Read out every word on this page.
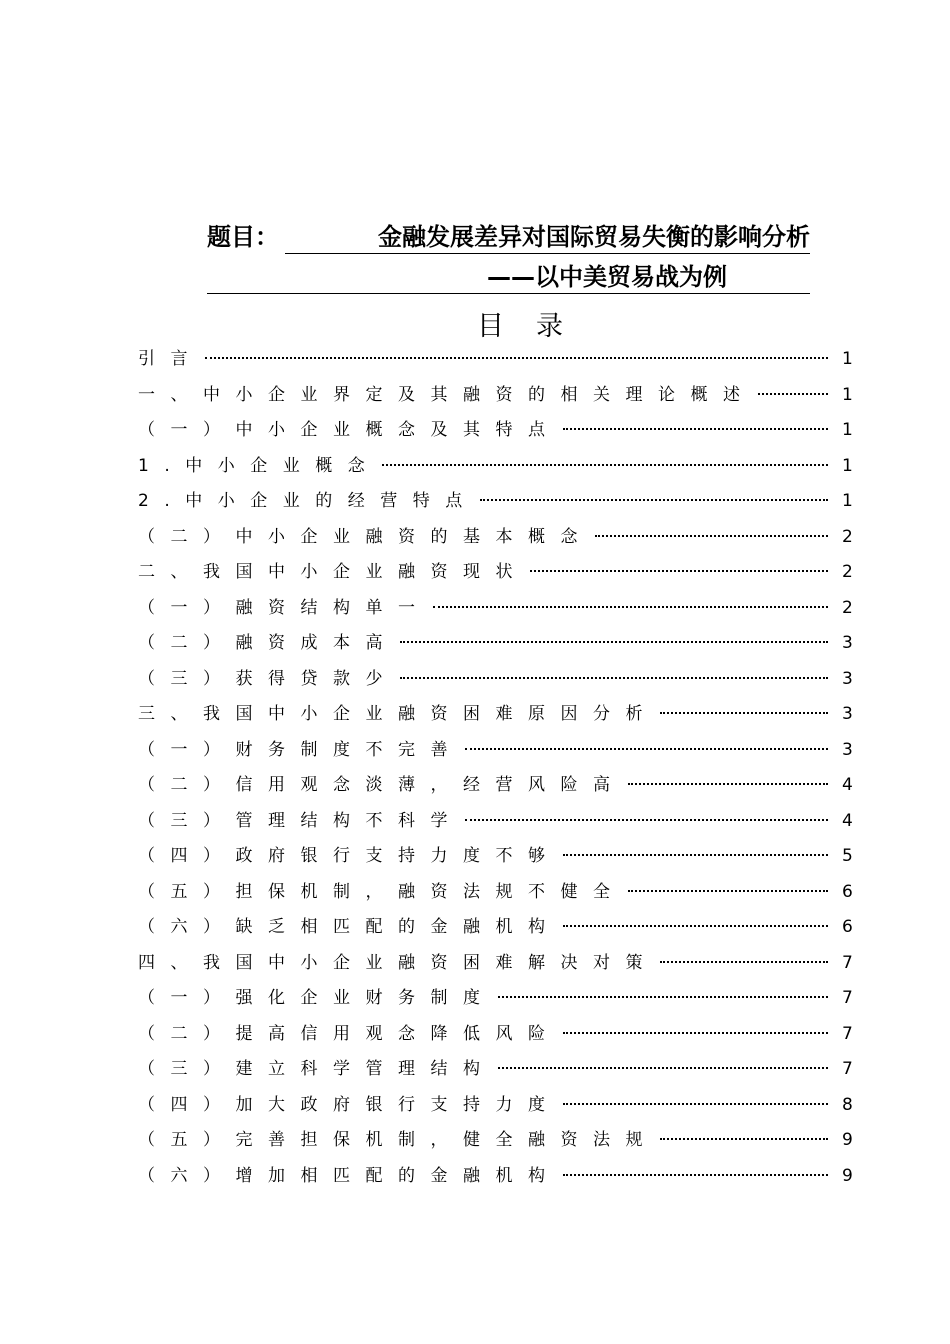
题目：	金融发展差异对国际贸易失衡的影响分析
——以中美贸易战为例
目录
引言	1
一、中小企业界定及其融资的相关理论概述	1
（一）中小企业概念及其特点	1
1.中小企业概念	1
2.中小企业的经营特点	1
（二）中小企业融资的基本概念	2
二、我国中小企业融资现状	2
（一）融资结构单一	2
（二）融资成本高	3
（三）获得贷款少	3
三、我国中小企业融资困难原因分析	3
（一）财务制度不完善	3
（二）信用观念淡薄，经营风险高	4
（三）管理结构不科学	4
（四）政府银行支持力度不够	5
（五）担保机制，融资法规不健全	6
（六）缺乏相匹配的金融机构	6
四、我国中小企业融资困难解决对策	7
（一）强化企业财务制度	7
（二）提高信用观念降低风险	7
（三）建立科学管理结构	7
（四）加大政府银行支持力度	8
（五）完善担保机制，健全融资法规	9
（六）增加相匹配的金融机构	9
